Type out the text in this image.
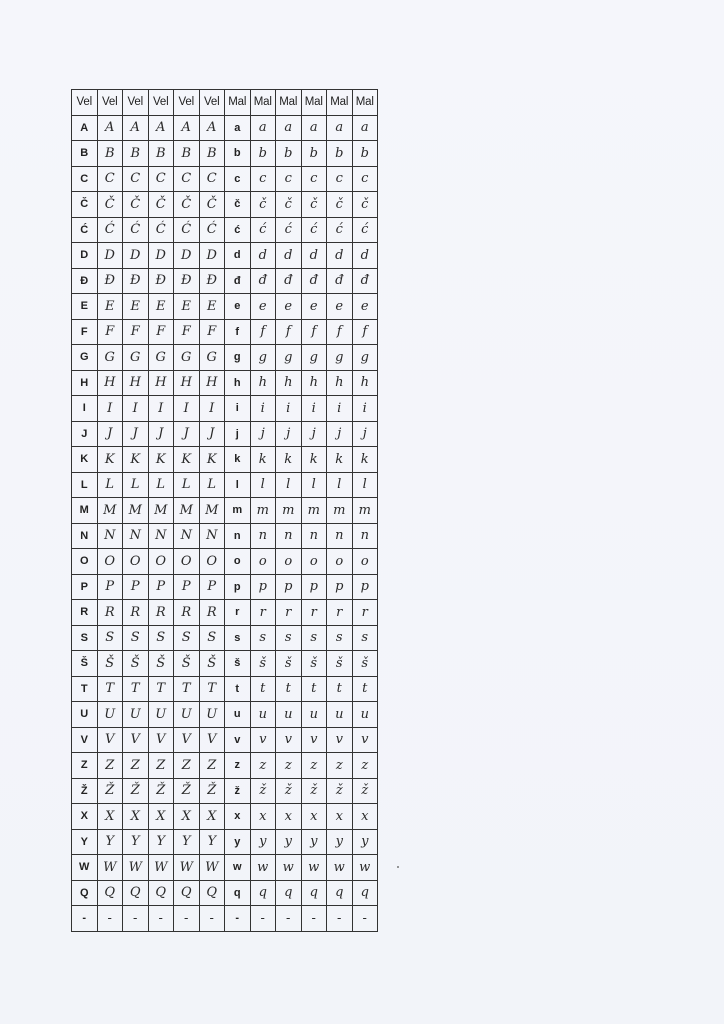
Vel	Vel	Vel	Vel	Vel	Vel	Mal	Mal	Mal	Mal	Mal	Mal
A	A	A	A	A	A	a	a	a	a	a	a
B	B	B	B	B	B	b	b	b	b	b	b
C	C	C	C	C	C	c	c	c	c	c	c
Č	Č	Č	Č	Č	Č	č	č	č	č	č	č
Ć	Ć	Ć	Ć	Ć	Ć	ć	ć	ć	ć	ć	ć
D	D	D	D	D	D	d	d	d	d	d	d
Đ	Đ	Đ	Đ	Đ	Đ	đ	đ	đ	đ	đ	đ
E	E	E	E	E	E	e	e	e	e	e	e
F	F	F	F	F	F	f	f	f	f	f	f
G	G	G	G	G	G	g	g	g	g	g	g
H	H	H	H	H	H	h	h	h	h	h	h
I	I	I	I	I	I	i	i	i	i	i	i
J	J	J	J	J	J	j	j	j	j	j	j
K	K	K	K	K	K	k	k	k	k	k	k
L	L	L	L	L	L	l	l	l	l	l	l
M	M	M	M	M	M	m	m	m	m	m	m
N	N	N	N	N	N	n	n	n	n	n	n
O	O	O	O	O	O	o	o	o	o	o	o
P	P	P	P	P	P	p	p	p	p	p	p
R	R	R	R	R	R	r	r	r	r	r	r
S	S	S	S	S	S	s	s	s	s	s	s
Š	Š	Š	Š	Š	Š	š	š	š	š	š	š
T	T	T	T	T	T	t	t	t	t	t	t
U	U	U	U	U	U	u	u	u	u	u	u
V	V	V	V	V	V	v	v	v	v	v	v
Z	Z	Z	Z	Z	Z	z	z	z	z	z	z
Ž	Ž	Ž	Ž	Ž	Ž	ž	ž	ž	ž	ž	ž
X	X	X	X	X	X	x	x	x	x	x	x
Y	Y	Y	Y	Y	Y	y	y	y	y	y	y
W	W	W	W	W	W	w	w	w	w	w	w
Q	Q	Q	Q	Q	Q	q	q	q	q	q	q
-	-	-	-	-	-	-	-	-	-	-	-
